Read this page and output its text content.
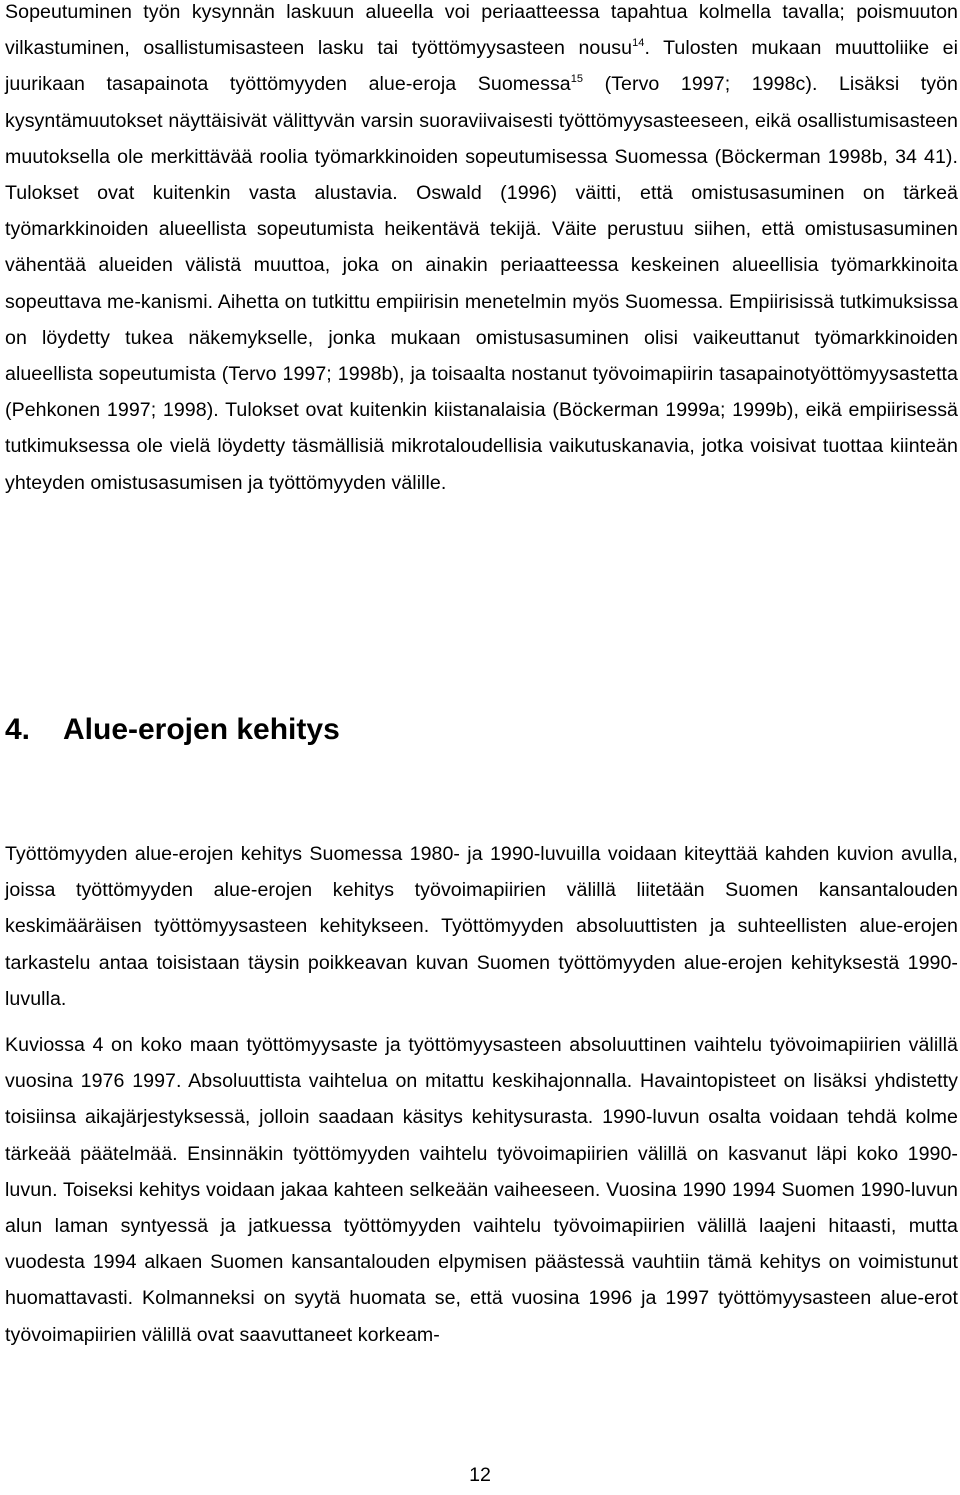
Sopeutuminen työn kysynnän laskuun alueella voi periaatteessa tapahtua kolmella tavalla; poismuuton vilkastuminen, osallistumisasteen lasku tai työttömyysasteen nousu$^{14}$. Tulosten mukaan muuttoliike ei juurikaan tasapainota työttömyyden alue-eroja Suomessa$^{15}$ (Tervo 1997; 1998c). Lisäksi työn kysyntämuutokset näyttäisivät välittyvän varsin suoraviivaisesti työttömyysasteeseen, eikä osallistumisasteen muutoksella ole merkittävää roolia työmarkkinoiden sopeutumisessa Suomessa (Böckerman 1998b, 34 41). Tulokset ovat kuitenkin vasta alustavia. Oswald (1996) väitti, että omistusasuminen on tärkeä työmarkkinoiden alueellista sopeutumista heikentävä tekijä. Väite perustuu siihen, että omistusasuminen vähentää alueiden välistä muuttoa, joka on ainakin periaatteessa keskeinen alueellisia työmarkkinoita sopeuttava me-kanismi. Aihetta on tutkittu empiirisin menetelmin myös Suomessa. Empiirisissä tutkimuksissa on löydetty tukea näkemykselle, jonka mukaan omistusasuminen olisi vaikeuttanut työmarkkinoiden alueellista sopeutumista (Tervo 1997; 1998b), ja toisaalta nostanut työvoimapiirin tasapainotyöttömyysastetta (Pehkonen 1997; 1998). Tulokset ovat kuitenkin kiistanalaisia (Böckerman 1999a; 1999b), eikä empiirisessä tutkimuksessa ole vielä löydetty täsmällisiä mikrotaloudellisia vaikutuskanavia, jotka voisivat tuottaa kiinteän yhteyden omistusasumisen ja työttömyyden välille.

4. Alue-erojen kehitys

Työttömyyden alue-erojen kehitys Suomessa 1980- ja 1990-luvuilla voidaan kiteyttää kahden kuvion avulla, joissa työttömyyden alue-erojen kehitys työvoimapiirien välillä liitetään Suomen kansantalouden keskimääräisen työttömyysasteen kehitykseen. Työttömyyden absoluuttisten ja suhteellisten alue-erojen tarkastelu antaa toisistaan täysin poikkeavan kuvan Suomen työttömyyden alue-erojen kehityksestä 1990-luvulla.

Kuviossa 4 on koko maan työttömyysaste ja työttömyysasteen absoluuttinen vaihtelu työvoimapiirien välillä vuosina 1976 1997. Absoluuttista vaihtelua on mitattu keskihajonnalla. Havaintopisteet on lisäksi yhdistetty toisiinsa aikajärjestyksessä, jolloin saadaan käsitys kehitysurasta. 1990-luvun osalta voidaan tehdä kolme tärkeää päätelmää. Ensinnäkin työttömyyden vaihtelu työvoimapiirien välillä on kasvanut läpi koko 1990-luvun. Toiseksi kehitys voidaan jakaa kahteen selkeään vaiheeseen. Vuosina 1990 1994 Suomen 1990-luvun alun laman syntyessä ja jatkuessa työttömyyden vaihtelu työvoimapiirien välillä laajeni hitaasti, mutta vuodesta 1994 alkaen Suomen kansantalouden elpymisen päästessä vauhtiin tämä kehitys on voimistunut huomattavasti. Kolmanneksi on syytä huomata se, että vuosina 1996 ja 1997 työttömyysasteen alue-erot työvoimapiirien välillä ovat saavuttaneet korkeam-

12
